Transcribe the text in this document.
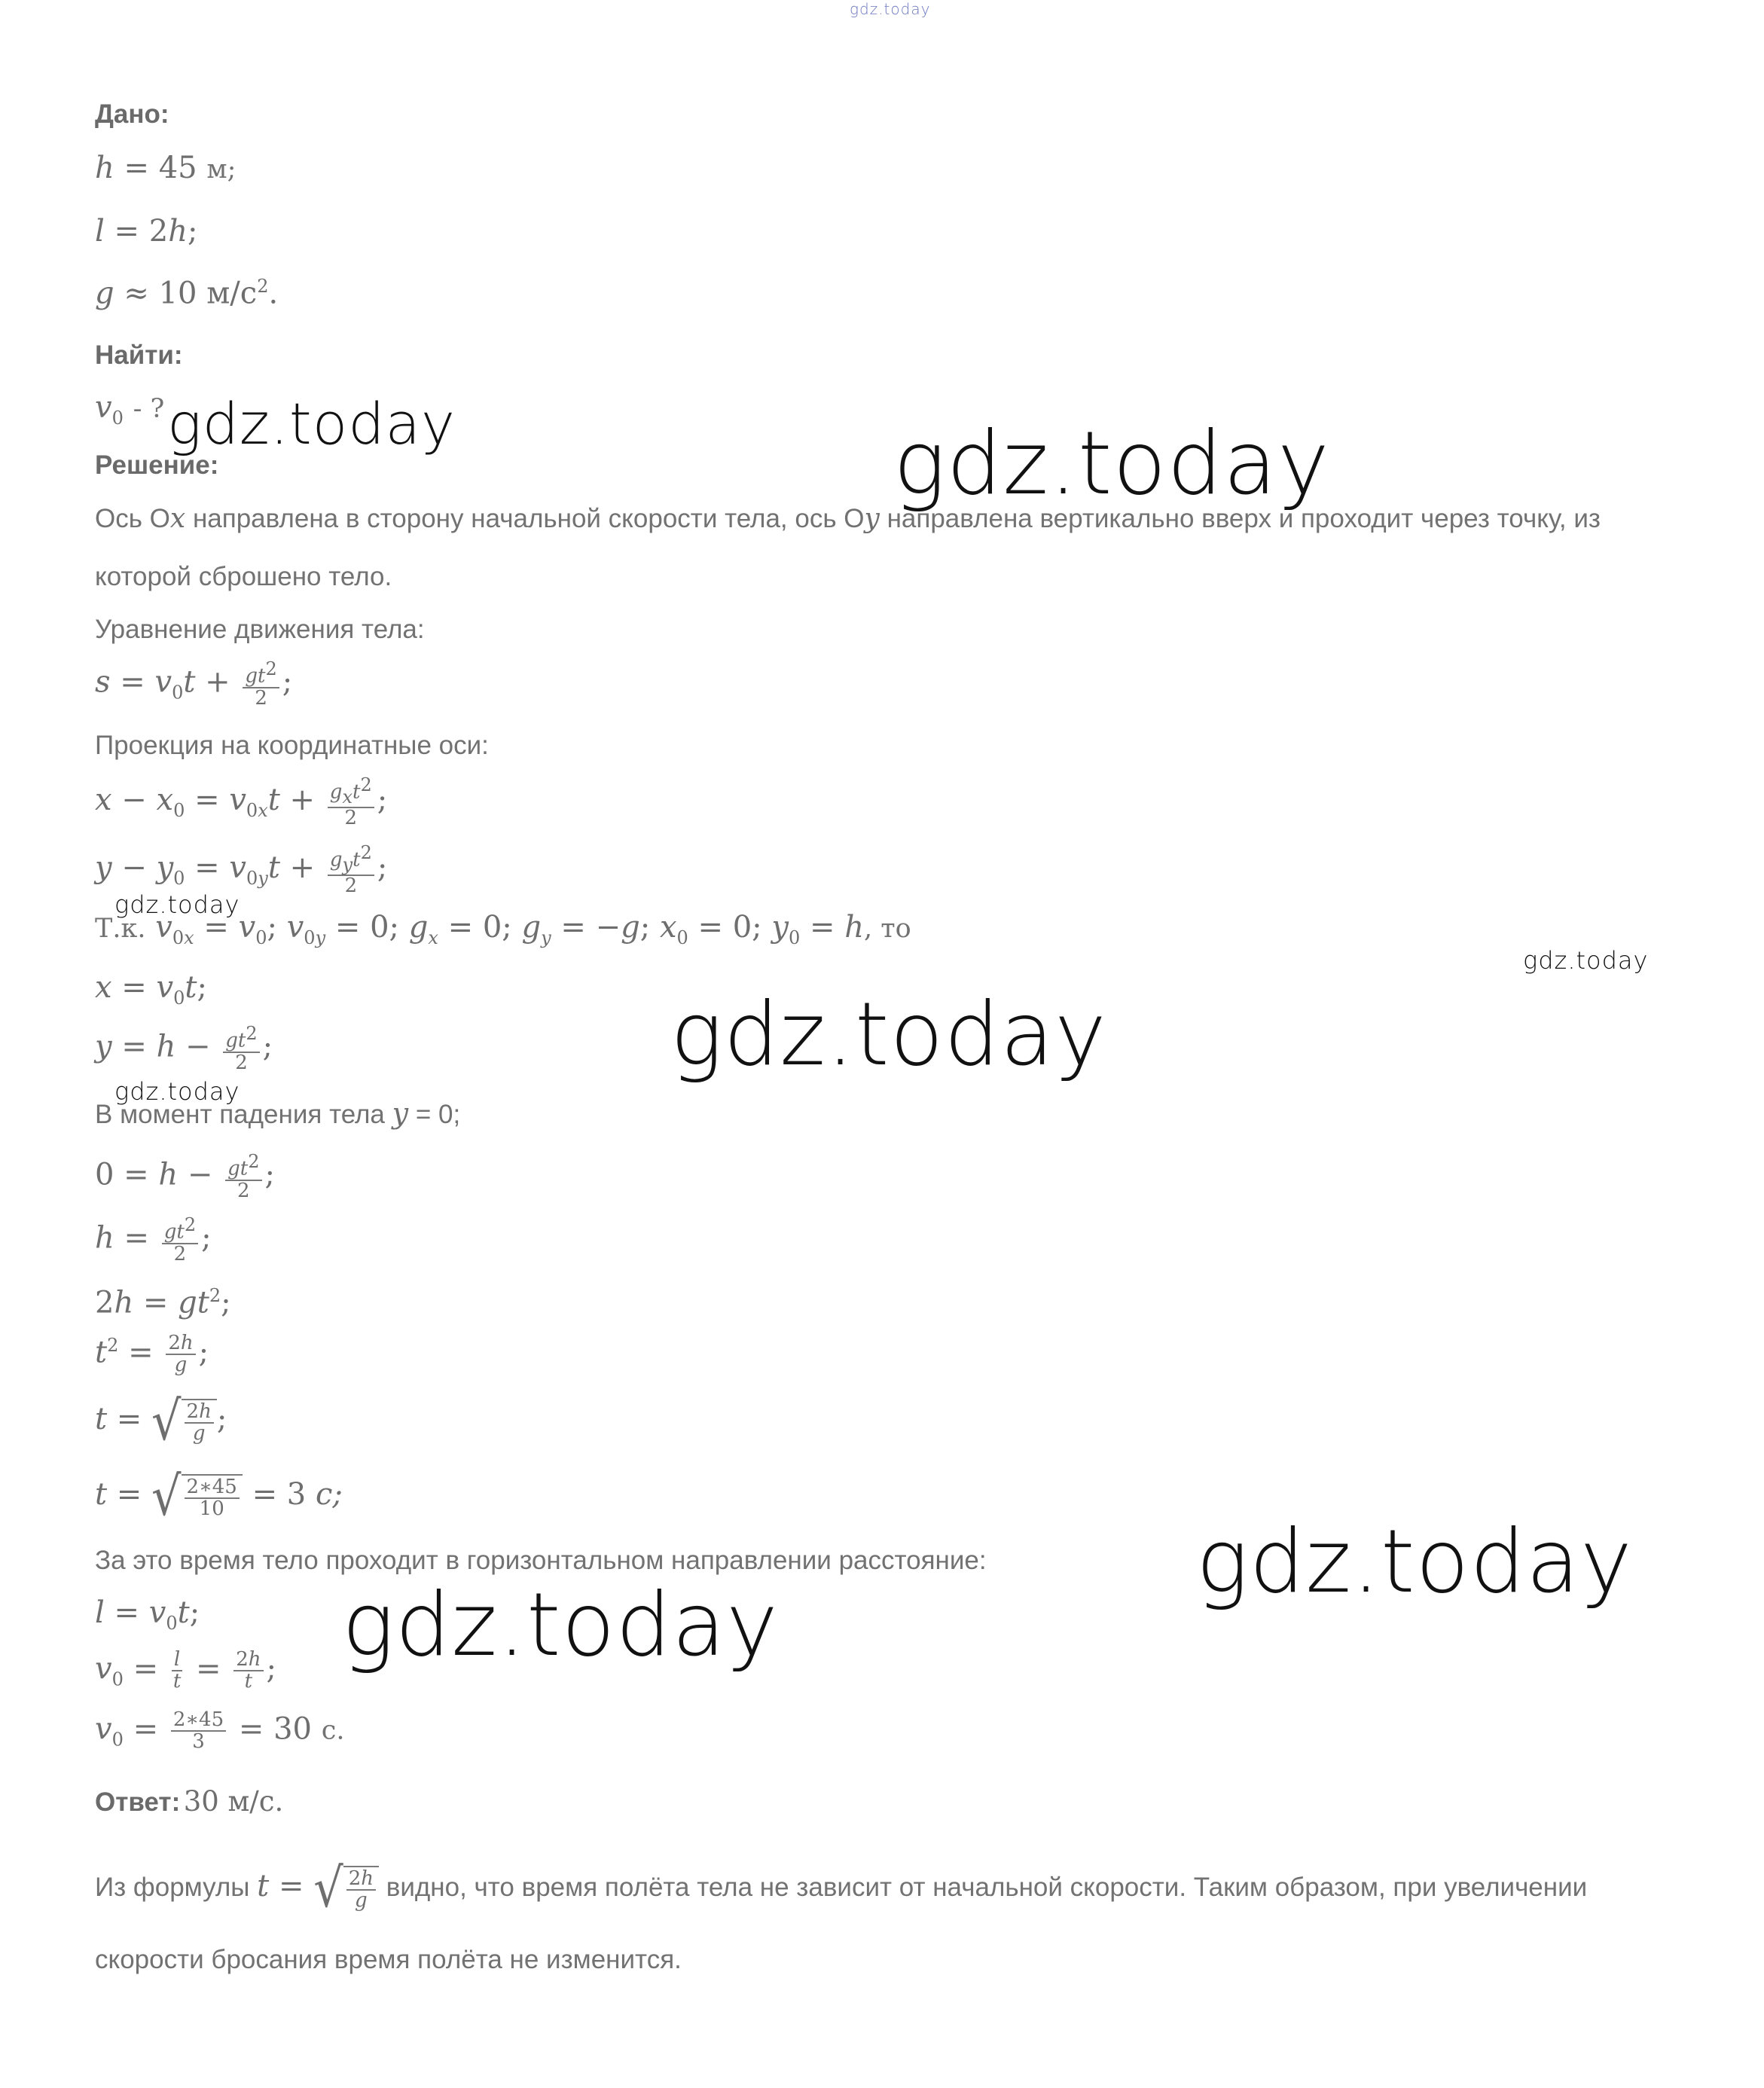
gdz.today
Дано:
h = 45 м;
l = 2h;
g ≈ 10 $м/с^2$.
Найти:
$v_0$ - ?
Решение:
Ось Ox направлена в сторону начальной скорости тела, ось Oy направлена вертикально вверх и проходит через точку, из
которой сброшено тело.
Уравнение движения тела:
$s = v_0t + \frac{gt^2}{2}$ ;
Проекция на координатные оси:
$x - x_0 = v_{0x}t + \frac{g_xt^2}{2}$ ;
$y - y_0 = v_{0y}t + \frac{g_yt^2}{2}$ ;
Т.к. $v_{0x} = v_0$; $v_{0y} = 0$; $g_x = 0$; $g_y = -g$; $x_0 = 0$; $y_0 = h$, то
$x = v_0t$;
$y = h - \frac{gt^2}{2}$ ;
В момент падения тела y = 0;
$0 = h - \frac{gt^2}{2}$ ;
$h = \frac{gt^2}{2}$ ;
$2h = gt^2$;
$t^2 = \frac{2h}{g}$ ;
t = √ $\frac{2h}{g}$ ;
t = √ $\frac{2∗45}{10} = 3$ с;
За это время тело проходит в горизонтальном направлении расстояние:
$l = v_0t$;
$v_0 = \frac{l}{t} = \frac{2h}{t}$ ;
$v_0 = \frac{2∗45}{3} = 30$ с.
Ответ: 30 м/с.
Из формулы t = √ $\frac{2h}{g}$ видно, что время полёта тела не зависит от начальной скорости. Таким образом, при увеличении
скорости бросания время полёта не изменится.
gdz.today	gdz.today
gdz.today
gdz.today
gdz.today
gdz.today
gdz.today
gdz.today
